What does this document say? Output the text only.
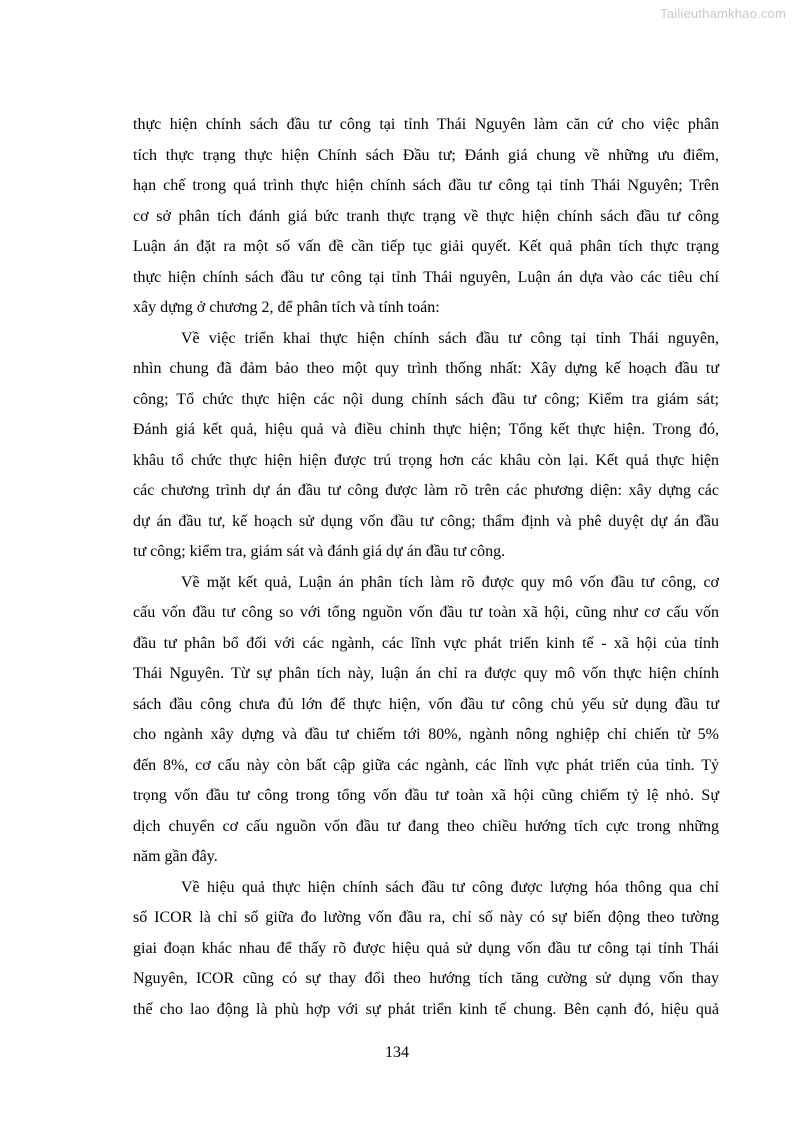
Tailieuthamkhao.com

thực hiện chính sách đầu tư công tại tỉnh Thái Nguyên làm căn cứ cho việc phân

tích thực trạng thực hiện Chính sách Đầu tư; Đánh giá chung về những ưu điểm,

hạn chế trong quá trình thực hiện chính sách đầu tư công tại tỉnh Thái Nguyên; Trên

cơ sở phân tích đánh giá bức tranh thực trạng về thực hiện chính sách đầu tư công

Luận án đặt ra một số vấn đề cần tiếp tục giải quyết. Kết quả phân tích thực trạng

thực hiện chính sách đầu tư công tại tỉnh Thái nguyên, Luận án dựa vào các tiêu chí

xây dựng ở chương 2, để phân tích và tính toán:

Về việc triển khai thực hiện chính sách đầu tư công tại tỉnh Thái nguyên,

nhìn chung đã đảm bảo theo một quy trình thống nhất: Xây dựng kế hoạch đầu tư

công; Tổ chức thực hiện các nội dung chính sách đầu tư công; Kiểm tra giám sát;

Đánh giá kết quả, hiệu quả và điều chỉnh thực hiện; Tổng kết thực hiện. Trong đó,

khâu tổ chức thực hiện hiện được trú trọng hơn các khâu còn lại. Kết quả thực hiện

các chương trình dự án đầu tư công được làm rõ trên các phương diện: xây dựng các

dự án đầu tư, kế hoạch sử dụng vốn đầu tư công; thẩm định và phê duyệt dự án đầu

tư công; kiểm tra, giám sát và đánh giá dự án đầu tư công.

Về mặt kết quả, Luận án phân tích làm rõ được quy mô vốn đầu tư công, cơ

cấu vốn đầu tư công so với tổng nguồn vốn đầu tư toàn xã hội, cũng như cơ cấu vốn

đầu tư phân bổ đối với các ngành, các lĩnh vực phát triển kinh tế - xã hội của tỉnh

Thái Nguyên. Từ sự phân tích này, luận án chỉ ra được quy mô vốn thực hiện chính

sách đầu công chưa đủ lớn để thực hiện, vốn đầu tư công chủ yếu sử dụng đầu tư

cho ngành xây dựng và đầu tư chiếm tới 80%, ngành nông nghiệp chỉ chiến từ 5%

đến 8%, cơ cấu này còn bất cập giữa các ngành, các lĩnh vực phát triển của tỉnh. Tỷ

trọng vốn đầu tư công trong tổng vốn đầu tư toàn xã hội cũng chiếm tỷ lệ nhỏ. Sự

dịch chuyển cơ cấu nguồn vốn đầu tư đang theo chiều hướng tích cực trong những

năm gần đây.

Về hiệu quả thực hiện chính sách đầu tư công được lượng hóa thông qua chỉ

số ICOR là chỉ số giữa đo lường vốn đầu ra, chỉ số này có sự biến động theo tường

giai đoạn khác nhau để thấy rõ được hiệu quả sử dụng vốn đầu tư công tại tỉnh Thái

Nguyên, ICOR cũng có sự thay đổi theo hướng tích tăng cường sử dụng vốn thay

thế cho lao động là phù hợp với sự phát triển kinh tế chung. Bên cạnh đó, hiệu quả

134
